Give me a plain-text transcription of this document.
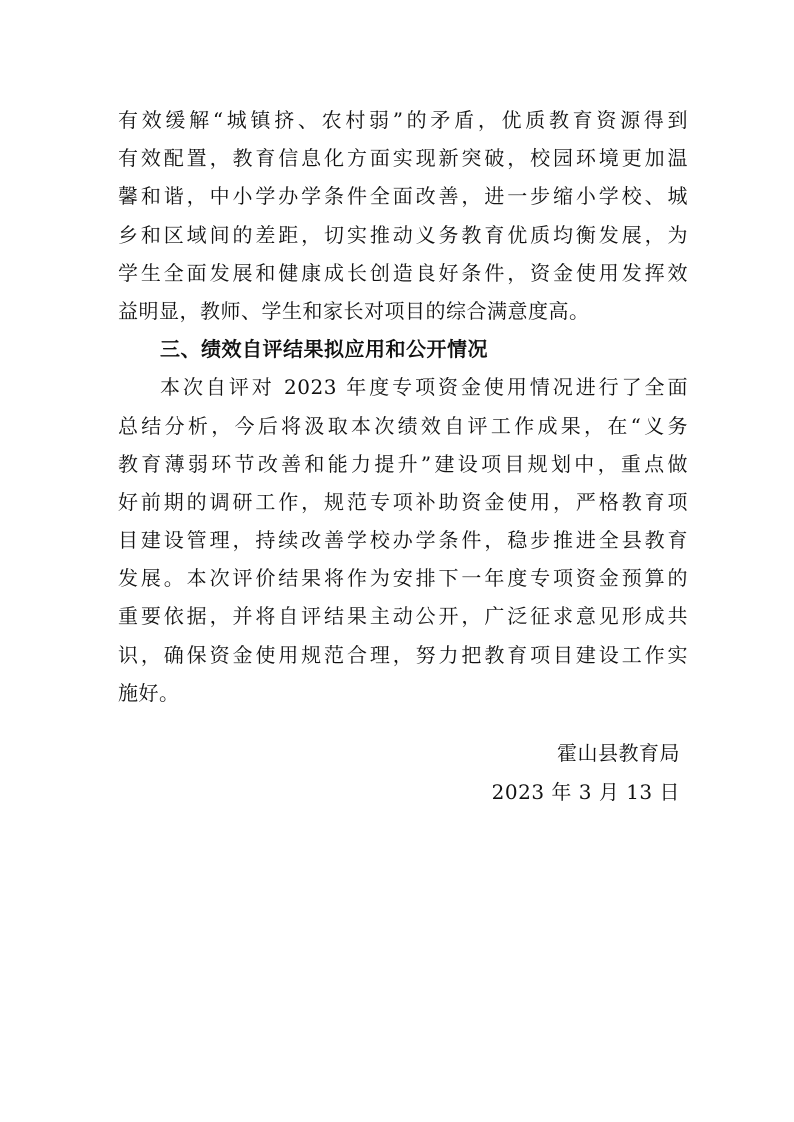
有效缓解“城镇挤、农村弱”的矛盾，优质教育资源得到
有效配置，教育信息化方面实现新突破，校园环境更加温
馨和谐，中小学办学条件全面改善，进一步缩小学校、城
乡和区域间的差距，切实推动义务教育优质均衡发展，为
学生全面发展和健康成长创造良好条件，资金使用发挥效
益明显，教师、学生和家长对项目的综合满意度高。
三、绩效自评结果拟应用和公开情况
本次自评对 2023 年度专项资金使用情况进行了全面
总结分析，今后将汲取本次绩效自评工作成果，在“义务
教育薄弱环节改善和能力提升”建设项目规划中，重点做
好前期的调研工作，规范专项补助资金使用，严格教育项
目建设管理，持续改善学校办学条件，稳步推进全县教育
发展。本次评价结果将作为安排下一年度专项资金预算的
重要依据，并将自评结果主动公开，广泛征求意见形成共
识，确保资金使用规范合理，努力把教育项目建设工作实
施好。
霍山县教育局
2023 年 3 月 13 日
